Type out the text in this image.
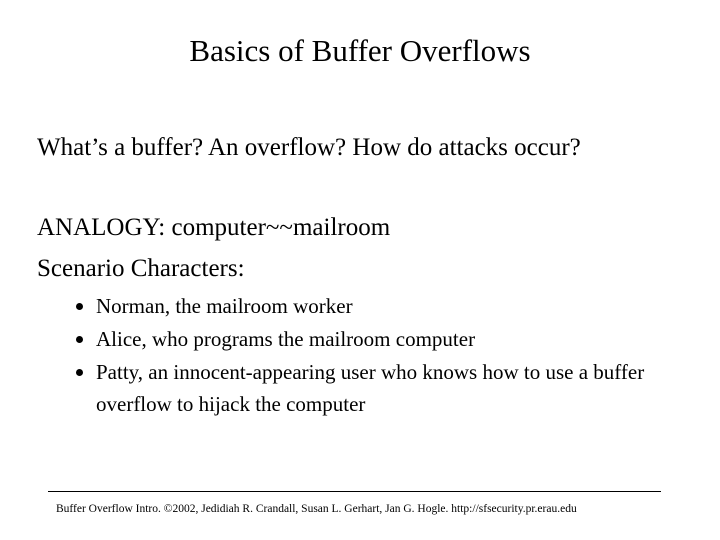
Basics of Buffer Overflows
What’s a buffer? An overflow? How do attacks occur?
ANALOGY: computer~~mailroom
Scenario Characters:
Norman, the mailroom worker
Alice, who programs the mailroom computer
Patty, an innocent-appearing user who knows how to use a buffer overflow to hijack the computer
Buffer Overflow Intro. ©2002, Jedidiah R. Crandall, Susan L. Gerhart, Jan G. Hogle. http://sfsecurity.pr.erau.edu
